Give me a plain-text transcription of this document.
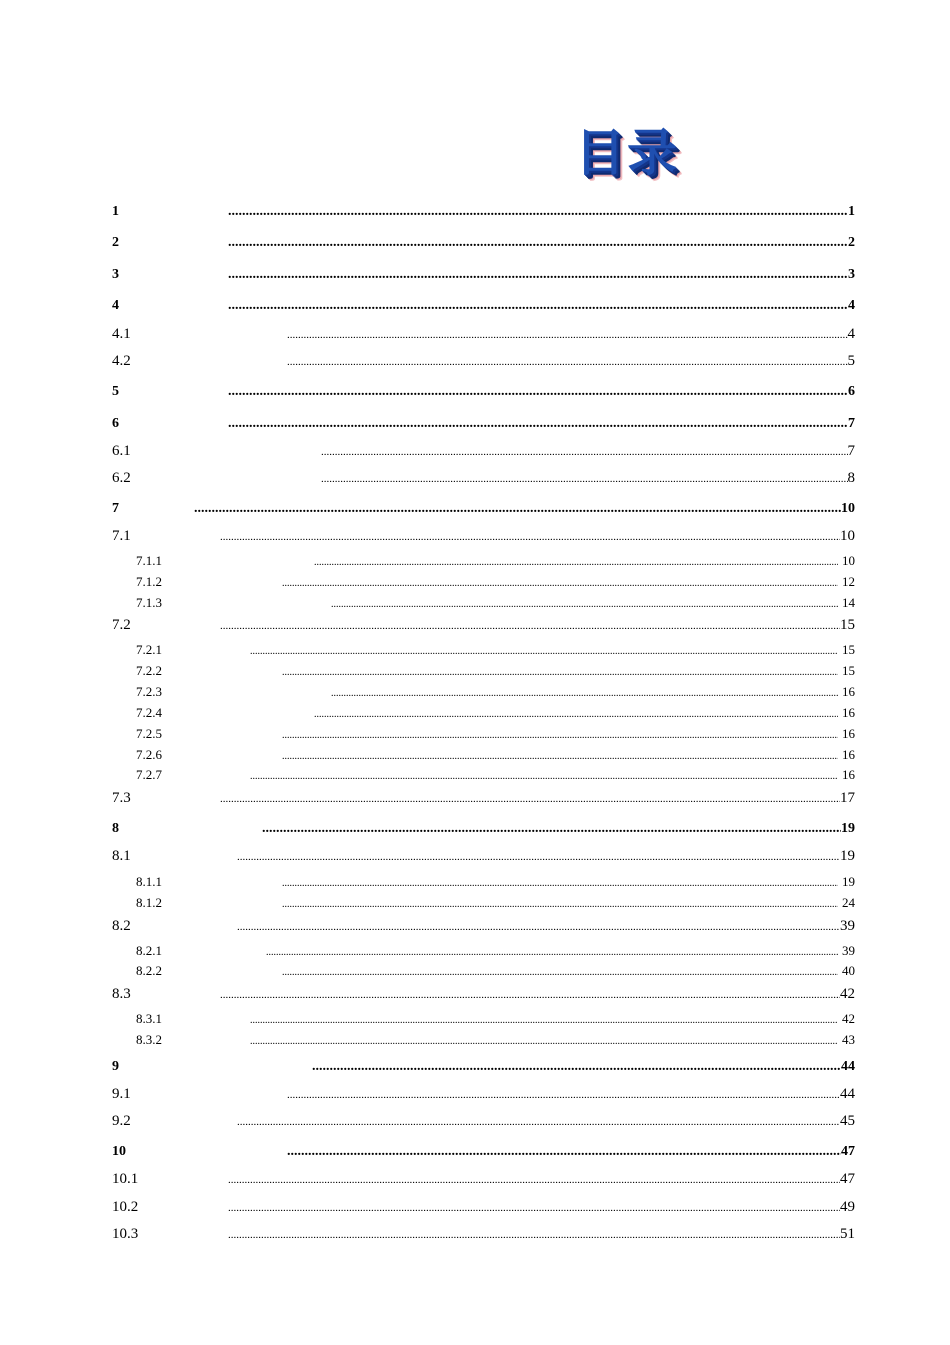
目录
1 .....	1
2 .....	2
3 .....	3
4 .....	4
4.1 .....	4
4.2 .....	5
5 .....	6
6 .....	7
6.1 .....	7
6.2 .....	8
7 .....	10
7.1 .....	10
7.1.1 .....	10
7.1.2 .....	12
7.1.3 .....	14
7.2 .....	15
7.2.1 .....	15
7.2.2 .....	15
7.2.3 .....	16
7.2.4 .....	16
7.2.5 .....	16
7.2.6 .....	16
7.2.7 .....	16
7.3 .....	17
8 .....	19
8.1 .....	19
8.1.1 .....	19
8.1.2 .....	24
8.2 .....	39
8.2.1 .....	39
8.2.2 .....	40
8.3 .....	42
8.3.1 .....	42
8.3.2 .....	43
9 .....	44
9.1 .....	44
9.2 .....	45
10 .....	47
10.1 .....	47
10.2 .....	49
10.3 .....	51
